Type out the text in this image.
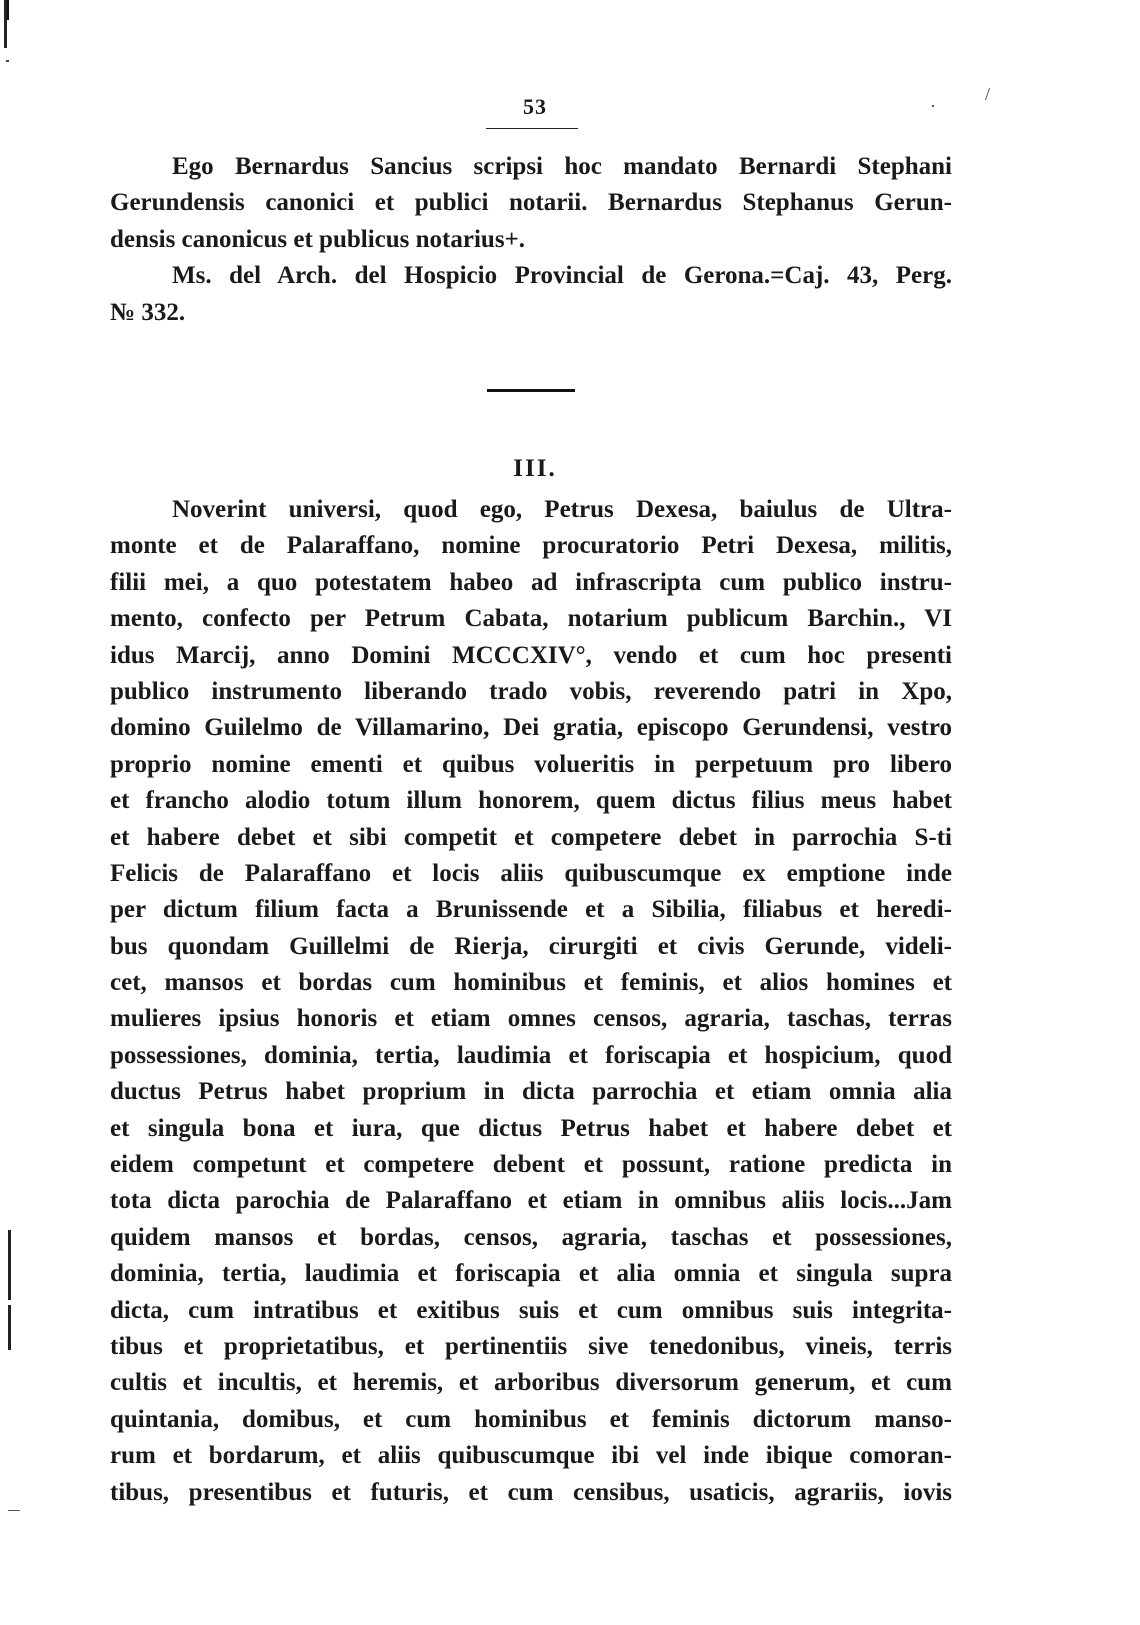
/
·
53
Ego Bernardus Sancius scripsi hoc mandato Bernardi Stephani
Gerundensis canonici et publici notarii. Bernardus Stephanus Gerun-
densis canonicus et publicus notarius+.
Ms. del Arch. del Hospicio Provincial de Gerona.=Caj. 43, Perg.
№ 332.
III.
Noverint universi, quod ego, Petrus Dexesa, baiulus de Ultra-
monte et de Palaraffano, nomine procuratorio Petri Dexesa, militis,
filii mei, a quo potestatem habeo ad infrascripta cum publico instru-
mento, confecto per Petrum Cabata, notarium publicum Barchin., VI
idus Marcij, anno Domini MCCCXIV°, vendo et cum hoc presenti
publico instrumento liberando trado vobis, reverendo patri in Xpo,
domino Guilelmo de Villamarino, Dei gratia, episcopo Gerundensi, vestro
proprio nomine ementi et quibus volueritis in perpetuum pro libero
et francho alodio totum illum honorem, quem dictus filius meus habet
et habere debet et sibi competit et competere debet in parrochia S-ti
Felicis de Palaraffano et locis aliis quibuscumque ex emptione inde
per dictum filium facta a Brunissende et a Sibilia, filiabus et heredi-
bus quondam Guillelmi de Rierja, cirurgiti et civis Gerunde, videli-
cet, mansos et bordas cum hominibus et feminis, et alios homines et
mulieres ipsius honoris et etiam omnes censos, agraria, taschas, terras
possessiones, dominia, tertia, laudimia et foriscapia et hospicium, quod
ductus Petrus habet proprium in dicta parrochia et etiam omnia alia
et singula bona et iura, que dictus Petrus habet et habere debet et
eidem competunt et competere debent et possunt, ratione predicta in
tota dicta parochia de Palaraffano et etiam in omnibus aliis locis...Jam
quidem mansos et bordas, censos, agraria, taschas et possessiones,
dominia, tertia, laudimia et foriscapia et alia omnia et singula supra
dicta, cum intratibus et exitibus suis et cum omnibus suis integrita-
tibus et proprietatibus, et pertinentiis sive tenedonibus, vineis, terris
cultis et incultis, et heremis, et arboribus diversorum generum, et cum
quintania, domibus, et cum hominibus et feminis dictorum manso-
rum et bordarum, et aliis quibuscumque ibi vel inde ibique comoran-
tibus, presentibus et futuris, et cum censibus, usaticis, agrariis, iovis
